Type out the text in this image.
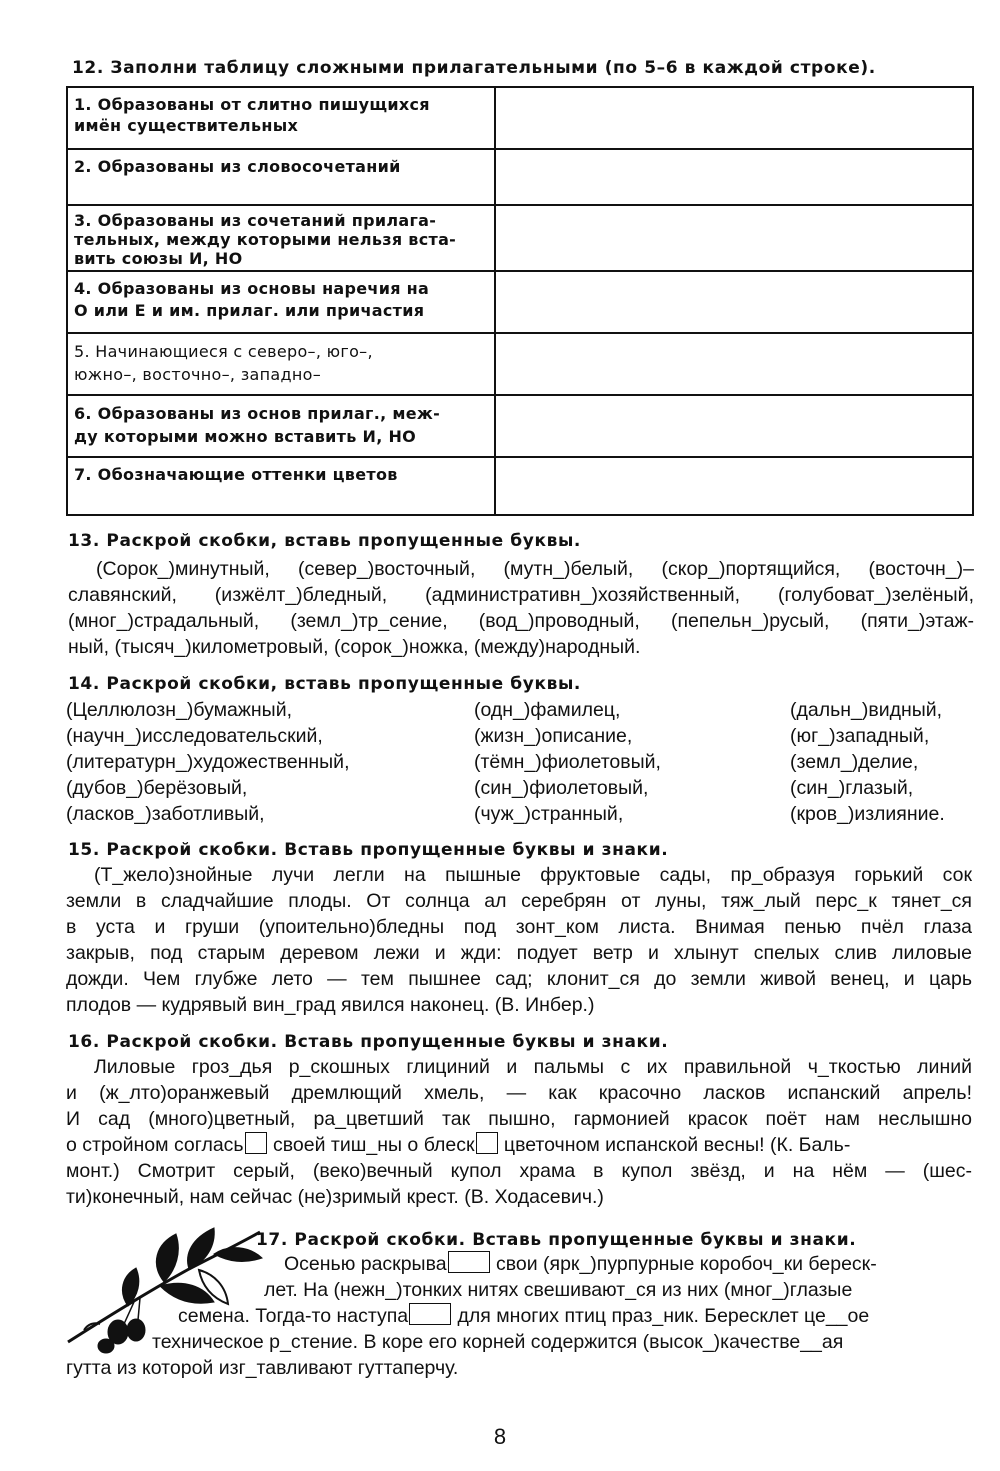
12. Заполни таблицу сложными прилагательными (по 5–6 в каждой строке).
1. Образованы от слитно пишущихся
имён существительных
2. Образованы из словосочетаний
3. Образованы из сочетаний прилага-
тельных, между которыми нельзя вста-
вить союзы И, НО
4. Образованы из основы наречия на
О или Е и им. прилаг. или причастия
5. Начинающиеся с северо–, юго–,
южно–, восточно–, западно–
6. Образованы из основ прилаг., меж-
ду которыми можно вставить И, НО
7. Обозначающие оттенки цветов
13. Раскрой скобки, вставь пропущенные буквы.
(Сорок_)минутный, (север_)восточный, (мутн_)белый, (скор_)портящийся, (восточн_)–
славянский, (изжёлт_)бледный, (административн_)хозяйственный, (голубоват_)зелёный,
(мног_)страдальный, (земл_)тр_сение, (вод_)проводный, (пепельн_)русый, (пяти_)этаж-
ный, (тысяч_)километровый, (сорок_)ножка, (между)народный.
14. Раскрой скобки, вставь пропущенные буквы.
(Целлюлозн_)бумажный,
(научн_)исследовательский,
(литературн_)художественный,
(дубов_)берёзовый,
(ласков_)заботливый,
(одн_)фамилец,
(жизн_)описание,
(тёмн_)фиолетовый,
(син_)фиолетовый,
(чуж_)странный,
(дальн_)видный,
(юг_)западный,
(земл_)делие,
(син_)глазый,
(кров_)излияние.
15. Раскрой скобки. Вставь пропущенные буквы и знаки.
(Т_жело)знойные лучи легли на пышные фруктовые сады, пр_образуя горький сок
земли в сладчайшие плоды. От солнца ал серебрян от луны, тяж_лый перс_к тянет_ся
в уста и груши (упоительно)бледны под зонт_ком листа. Внимая пенью пчёл глаза
закрыв, под старым деревом лежи и жди: подует ветр и хлынут спелых слив лиловые
дожди. Чем глубже лето — тем пышнее сад; клонит_ся до земли живой венец, и царь
плодов — кудрявый вин_град явился наконец. (В. Инбер.)
16. Раскрой скобки. Вставь пропущенные буквы и знаки.
Лиловые гроз_дья р_скошных глициний и пальмы с их правильной ч_ткостью линий
и (ж_лто)оранжевый дремлющий хмель, — как красочно ласков испанский апрель!
И сад (много)цветный, ра_цветший так пышно, гармонией красок поёт нам неслышно
о стройном соглась своей тиш_ны о блеск цветочном испанской весны! (К. Баль-
монт.) Смотрит серый, (веко)вечный купол храма в купол звёзд, и на нём — (шес-
ти)конечный, нам сейчас (не)зримый крест. (В. Ходасевич.)
17. Раскрой скобки. Вставь пропущенные буквы и знаки.
Осенью раскрыва свои (ярк_)пурпурные коробоч_ки береск-
лет. На (нежн_)тонких нитях свешивают_ся из них (мног_)глазые
семена. Тогда-то наступа для многих птиц праз_ник. Бересклет це__ое
техническое р_стение. В коре его корней содержится (высок_)качестве__ая
гутта из которой изг_тавливают гуттаперчу.
8
